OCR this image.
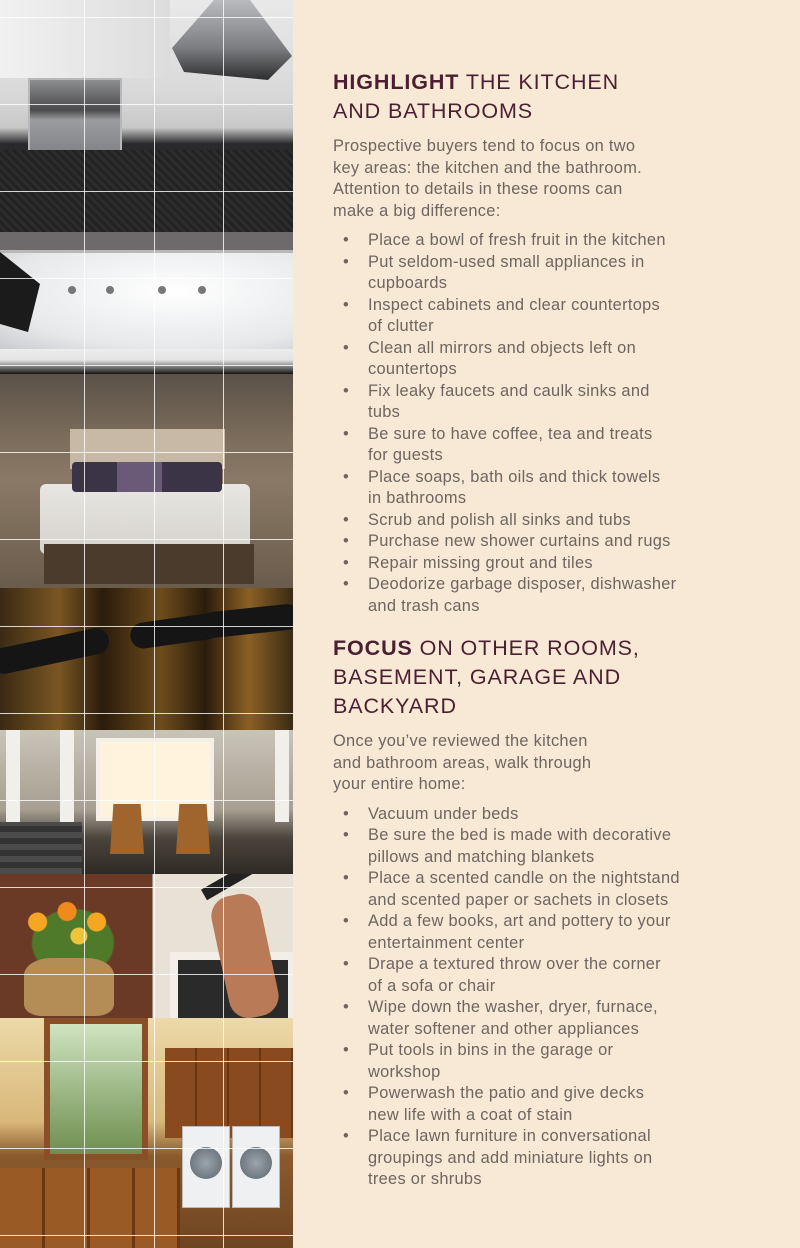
HIGHLIGHT THE KITCHEN
AND BATHROOMS

Prospective buyers tend to focus on two
key areas: the kitchen and the bathroom.
Attention to details in these rooms can
make a big difference:

• Place a bowl of fresh fruit in the kitchen
• Put seldom-used small appliances in
cupboards
• Inspect cabinets and clear countertops
of clutter
• Clean all mirrors and objects left on
countertops
• Fix leaky faucets and caulk sinks and
tubs
• Be sure to have coffee, tea and treats
for guests
• Place soaps, bath oils and thick towels
in bathrooms
• Scrub and polish all sinks and tubs
• Purchase new shower curtains and rugs
• Repair missing grout and tiles
• Deodorize garbage disposer, dishwasher
and trash cans
FOCUS ON OTHER ROOMS,
BASEMENT, GARAGE AND
BACKYARD

Once you’ve reviewed the kitchen
and bathroom areas, walk through
your entire home:

• Vacuum under beds
• Be sure the bed is made with decorative
pillows and matching blankets
• Place a scented candle on the nightstand
and scented paper or sachets in closets
• Add a few books, art and pottery to your
entertainment center
• Drape a textured throw over the corner
of a sofa or chair
• Wipe down the washer, dryer, furnace,
water softener and other appliances
• Put tools in bins in the garage or
workshop
• Powerwash the patio and give decks
new life with a coat of stain
• Place lawn furniture in conversational
groupings and add miniature lights on
trees or shrubs
